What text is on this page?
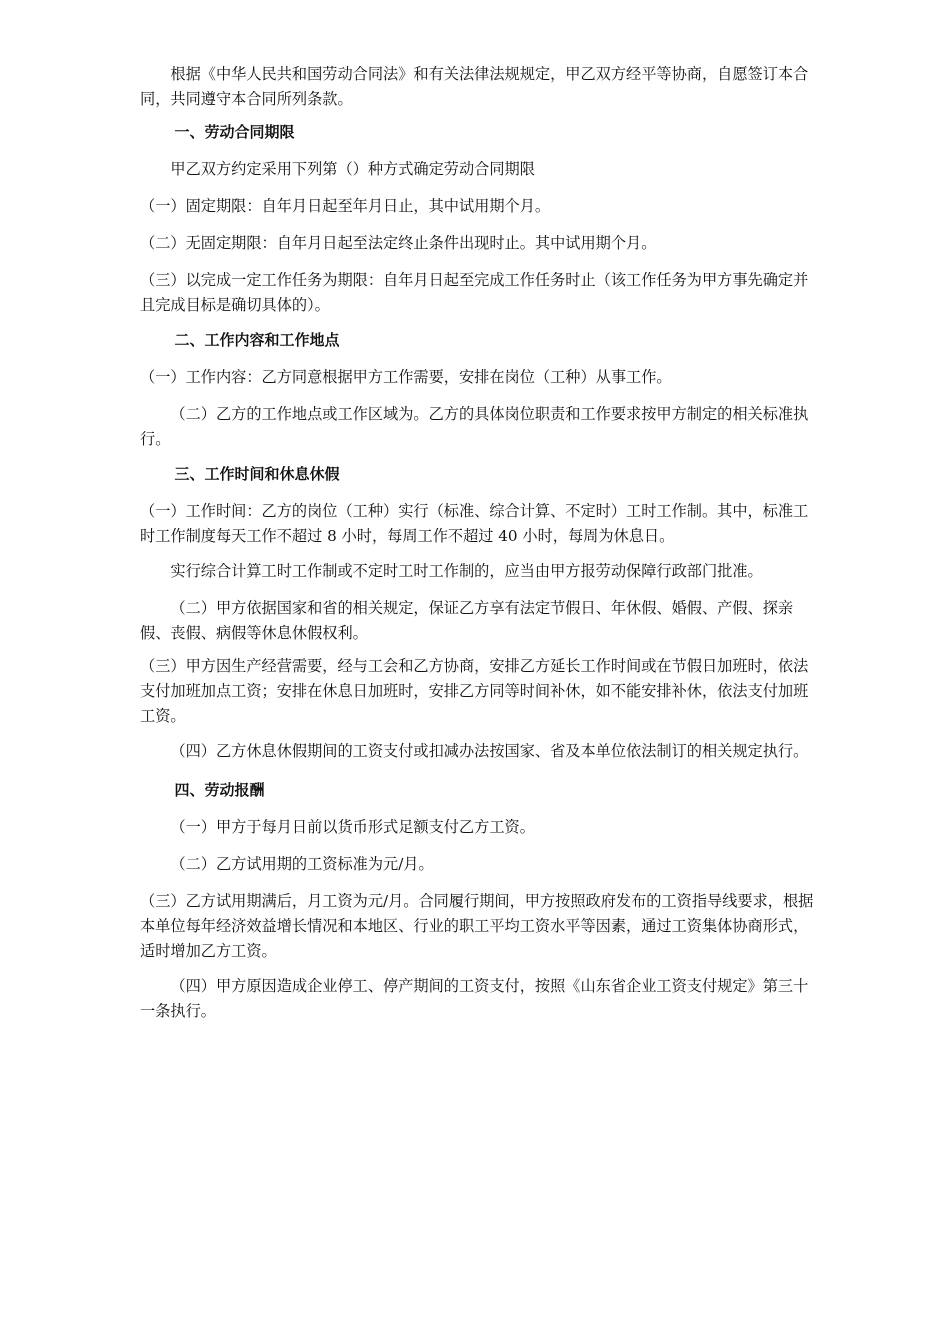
根据《中华人民共和国劳动合同法》和有关法律法规规定，甲乙双方经平等协商，自愿签订本合同，共同遵守本合同所列条款。

一、劳动合同期限

甲乙双方约定采用下列第（）种方式确定劳动合同期限

（一）固定期限：自年月日起至年月日止，其中试用期个月。

（二）无固定期限：自年月日起至法定终止条件出现时止。其中试用期个月。

（三）以完成一定工作任务为期限：自年月日起至完成工作任务时止（该工作任务为甲方事先确定并且完成目标是确切具体的）。

二、工作内容和工作地点

（一）工作内容：乙方同意根据甲方工作需要，安排在岗位（工种）从事工作。

（二）乙方的工作地点或工作区域为。乙方的具体岗位职责和工作要求按甲方制定的相关标准执行。

三、工作时间和休息休假

（一）工作时间：乙方的岗位（工种）实行（标准、综合计算、不定时）工时工作制。其中，标准工时工作制度每天工作不超过 8 小时，每周工作不超过 40 小时，每周为休息日。

实行综合计算工时工作制或不定时工时工作制的，应当由甲方报劳动保障行政部门批准。

（二）甲方依据国家和省的相关规定，保证乙方享有法定节假日、年休假、婚假、产假、探亲假、丧假、病假等休息休假权利。

（三）甲方因生产经营需要，经与工会和乙方协商，安排乙方延长工作时间或在节假日加班时，依法支付加班加点工资；安排在休息日加班时，安排乙方同等时间补休，如不能安排补休，依法支付加班工资。

（四）乙方休息休假期间的工资支付或扣减办法按国家、省及本单位依法制订的相关规定执行。

四、劳动报酬

（一）甲方于每月日前以货币形式足额支付乙方工资。

（二）乙方试用期的工资标准为元/月。

（三）乙方试用期满后，月工资为元/月。合同履行期间，甲方按照政府发布的工资指导线要求，根据本单位每年经济效益增长情况和本地区、行业的职工平均工资水平等因素，通过工资集体协商形式，适时增加乙方工资。

（四）甲方原因造成企业停工、停产期间的工资支付，按照《山东省企业工资支付规定》第三十一条执行。
